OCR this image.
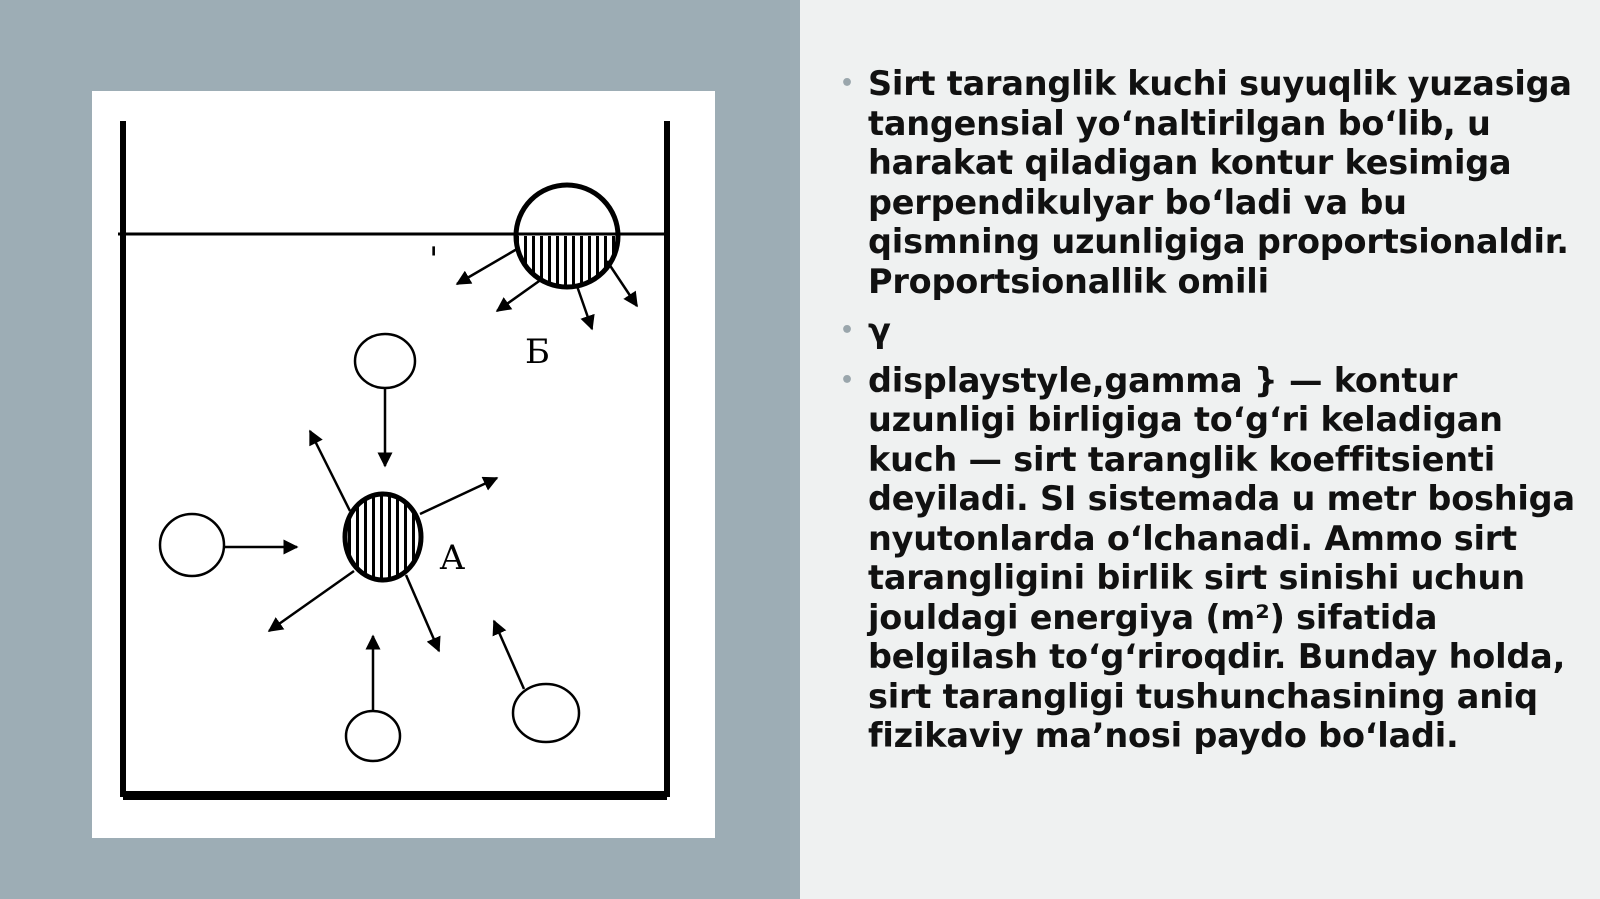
'
Б
A
• Sirt taranglik kuchi suyuqlik yuzasiga tangensial yo‘naltirilgan bo‘lib, u harakat qiladigan kontur kesimiga perpendikulyar bo‘ladi va bu qismning uzunligiga proportsionaldir. Proportsionallik omili
• γ
• displaystyle,gamma } — kontur uzunligi birligiga to‘g‘ri keladigan kuch — sirt taranglik koeffitsienti deyiladi. SI sistemada u metr boshiga nyutonlarda o‘lchanadi. Ammo sirt tarangligini birlik sirt sinishi uchun jouldagi energiya (m²) sifatida belgilash to‘g‘riroqdir. Bunday holda, sirt tarangligi tushunchasining aniq fizikaviy ma’nosi paydo bo‘ladi.
